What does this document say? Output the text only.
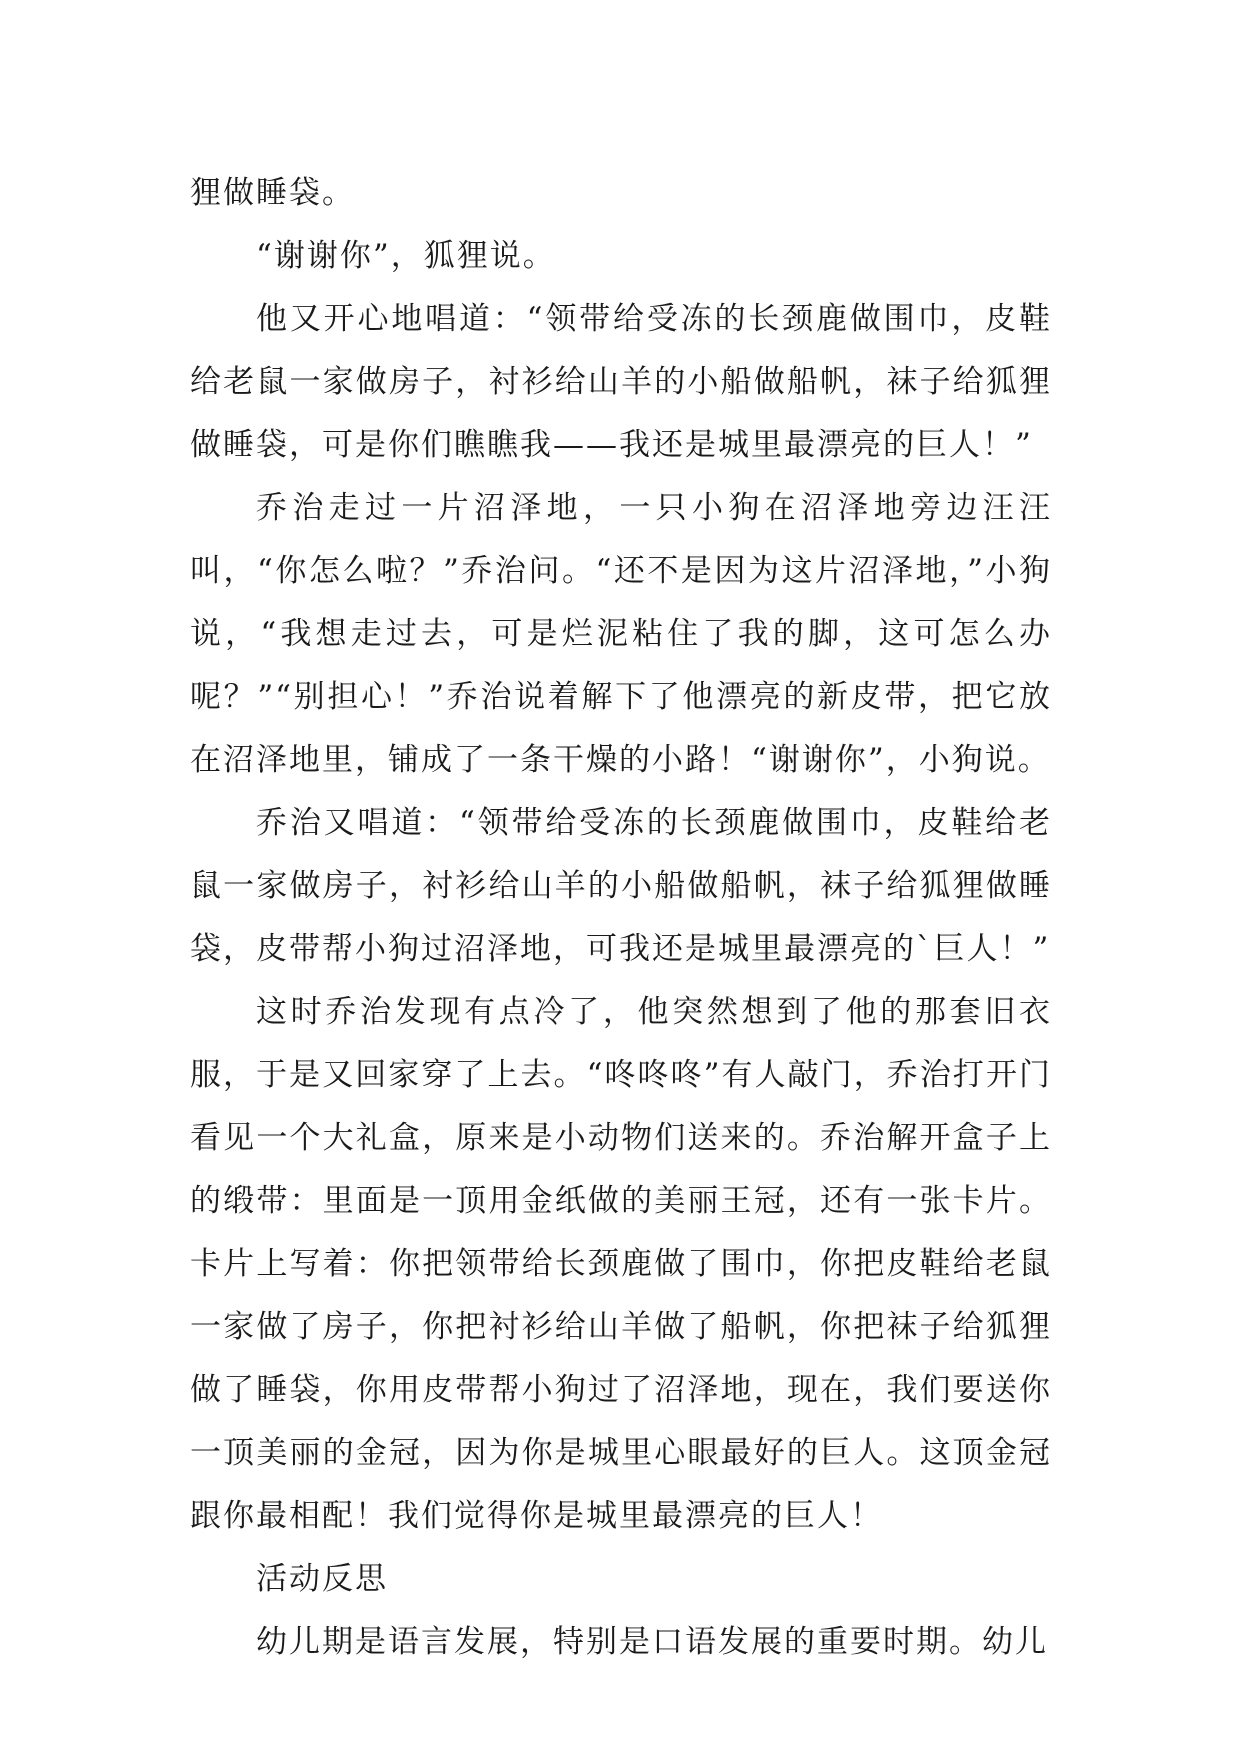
狸做睡袋。

“谢谢你”，狐狸说。

他又开心地唱道：“领带给受冻的长颈鹿做围巾，皮鞋给老鼠一家做房子，衬衫给山羊的小船做船帆，袜子给狐狸做睡袋，可是你们瞧瞧我——我还是城里最漂亮的巨人！”

乔治走过一片沼泽地，一只小狗在沼泽地旁边汪汪叫，“你怎么啦？”乔治问。“还不是因为这片沼泽地，”小狗说，“我想走过去，可是烂泥粘住了我的脚，这可怎么办呢？”“别担心！”乔治说着解下了他漂亮的新皮带，把它放在沼泽地里，铺成了一条干燥的小路！“谢谢你”，小狗说。

乔治又唱道：“领带给受冻的长颈鹿做围巾，皮鞋给老鼠一家做房子，衬衫给山羊的小船做船帆，袜子给狐狸做睡袋，皮带帮小狗过沼泽地，可我还是城里最漂亮的`巨人！”

这时乔治发现有点冷了，他突然想到了他的那套旧衣服，于是又回家穿了上去。“咚咚咚”有人敲门，乔治打开门看见一个大礼盒，原来是小动物们送来的。乔治解开盒子上的缎带：里面是一顶用金纸做的美丽王冠，还有一张卡片。卡片上写着：你把领带给长颈鹿做了围巾，你把皮鞋给老鼠一家做了房子，你把衬衫给山羊做了船帆，你把袜子给狐狸做了睡袋，你用皮带帮小狗过了沼泽地，现在，我们要送你一顶美丽的金冠，因为你是城里心眼最好的巨人。这顶金冠跟你最相配！我们觉得你是城里最漂亮的巨人！

活动反思

幼儿期是语言发展，特别是口语发展的重要时期。幼儿
